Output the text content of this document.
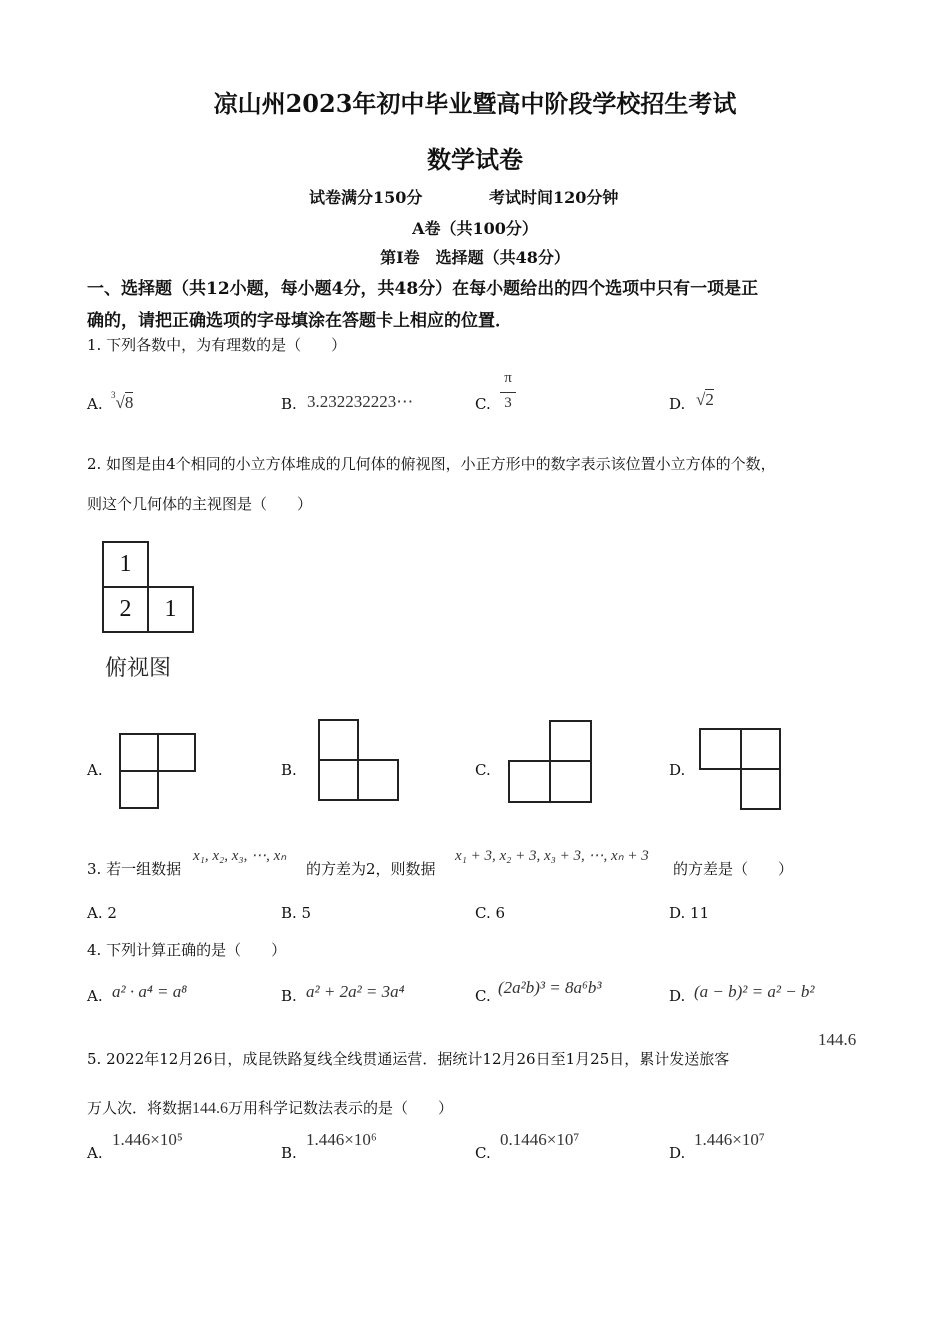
凉山州2023年初中毕业暨高中阶段学校招生考试
数学试卷
试卷满分150分	考试时间120分钟
A卷（共100分）
第Ⅰ卷　选择题（共48分）
一、选择题（共12小题，每小题4分，共48分）在每小题给出的四个选项中只有一项是正
确的，请把正确选项的字母填涂在答题卡上相应的位置．
1. 下列各数中，为有理数的是（　　）
A. $^3$√8	B. 3.232232223⋯	C.
π
3	D. √2
2. 如图是由4个相同的小立方体堆成的几何体的俯视图，小正方形中的数字表示该位置小立方体的个数，
则这个几何体的主视图是（　　）
1
2	1
俯视图
A.	B.	C.	D.
3. 若一组数据
x₁, x₂, x₃, ⋯, xₙ
的方差为2，则数据
x₁ + 3, x₂ + 3, x₃ + 3, ⋯, xₙ + 3
的方差是（　　）
A. 2	B. 5	C. 6	D. 11
4. 下列计算正确的是（　　）
A. a² · a⁴ = a⁸	B. a² + 2a² = 3a⁴	C. (2a²b)³ = 8a⁶b³	D. (a − b)² = a² − b²
5. 2022年12月26日，成昆铁路复线全线贯通运营．据统计12月26日至1月25日，累计发送旅客
144.6
万人次．将数据144.6万用科学记数法表示的是（　　）
A.
1.446×10⁵
B.
1.446×10⁶
C.
0.1446×10⁷
D.
1.446×10⁷
